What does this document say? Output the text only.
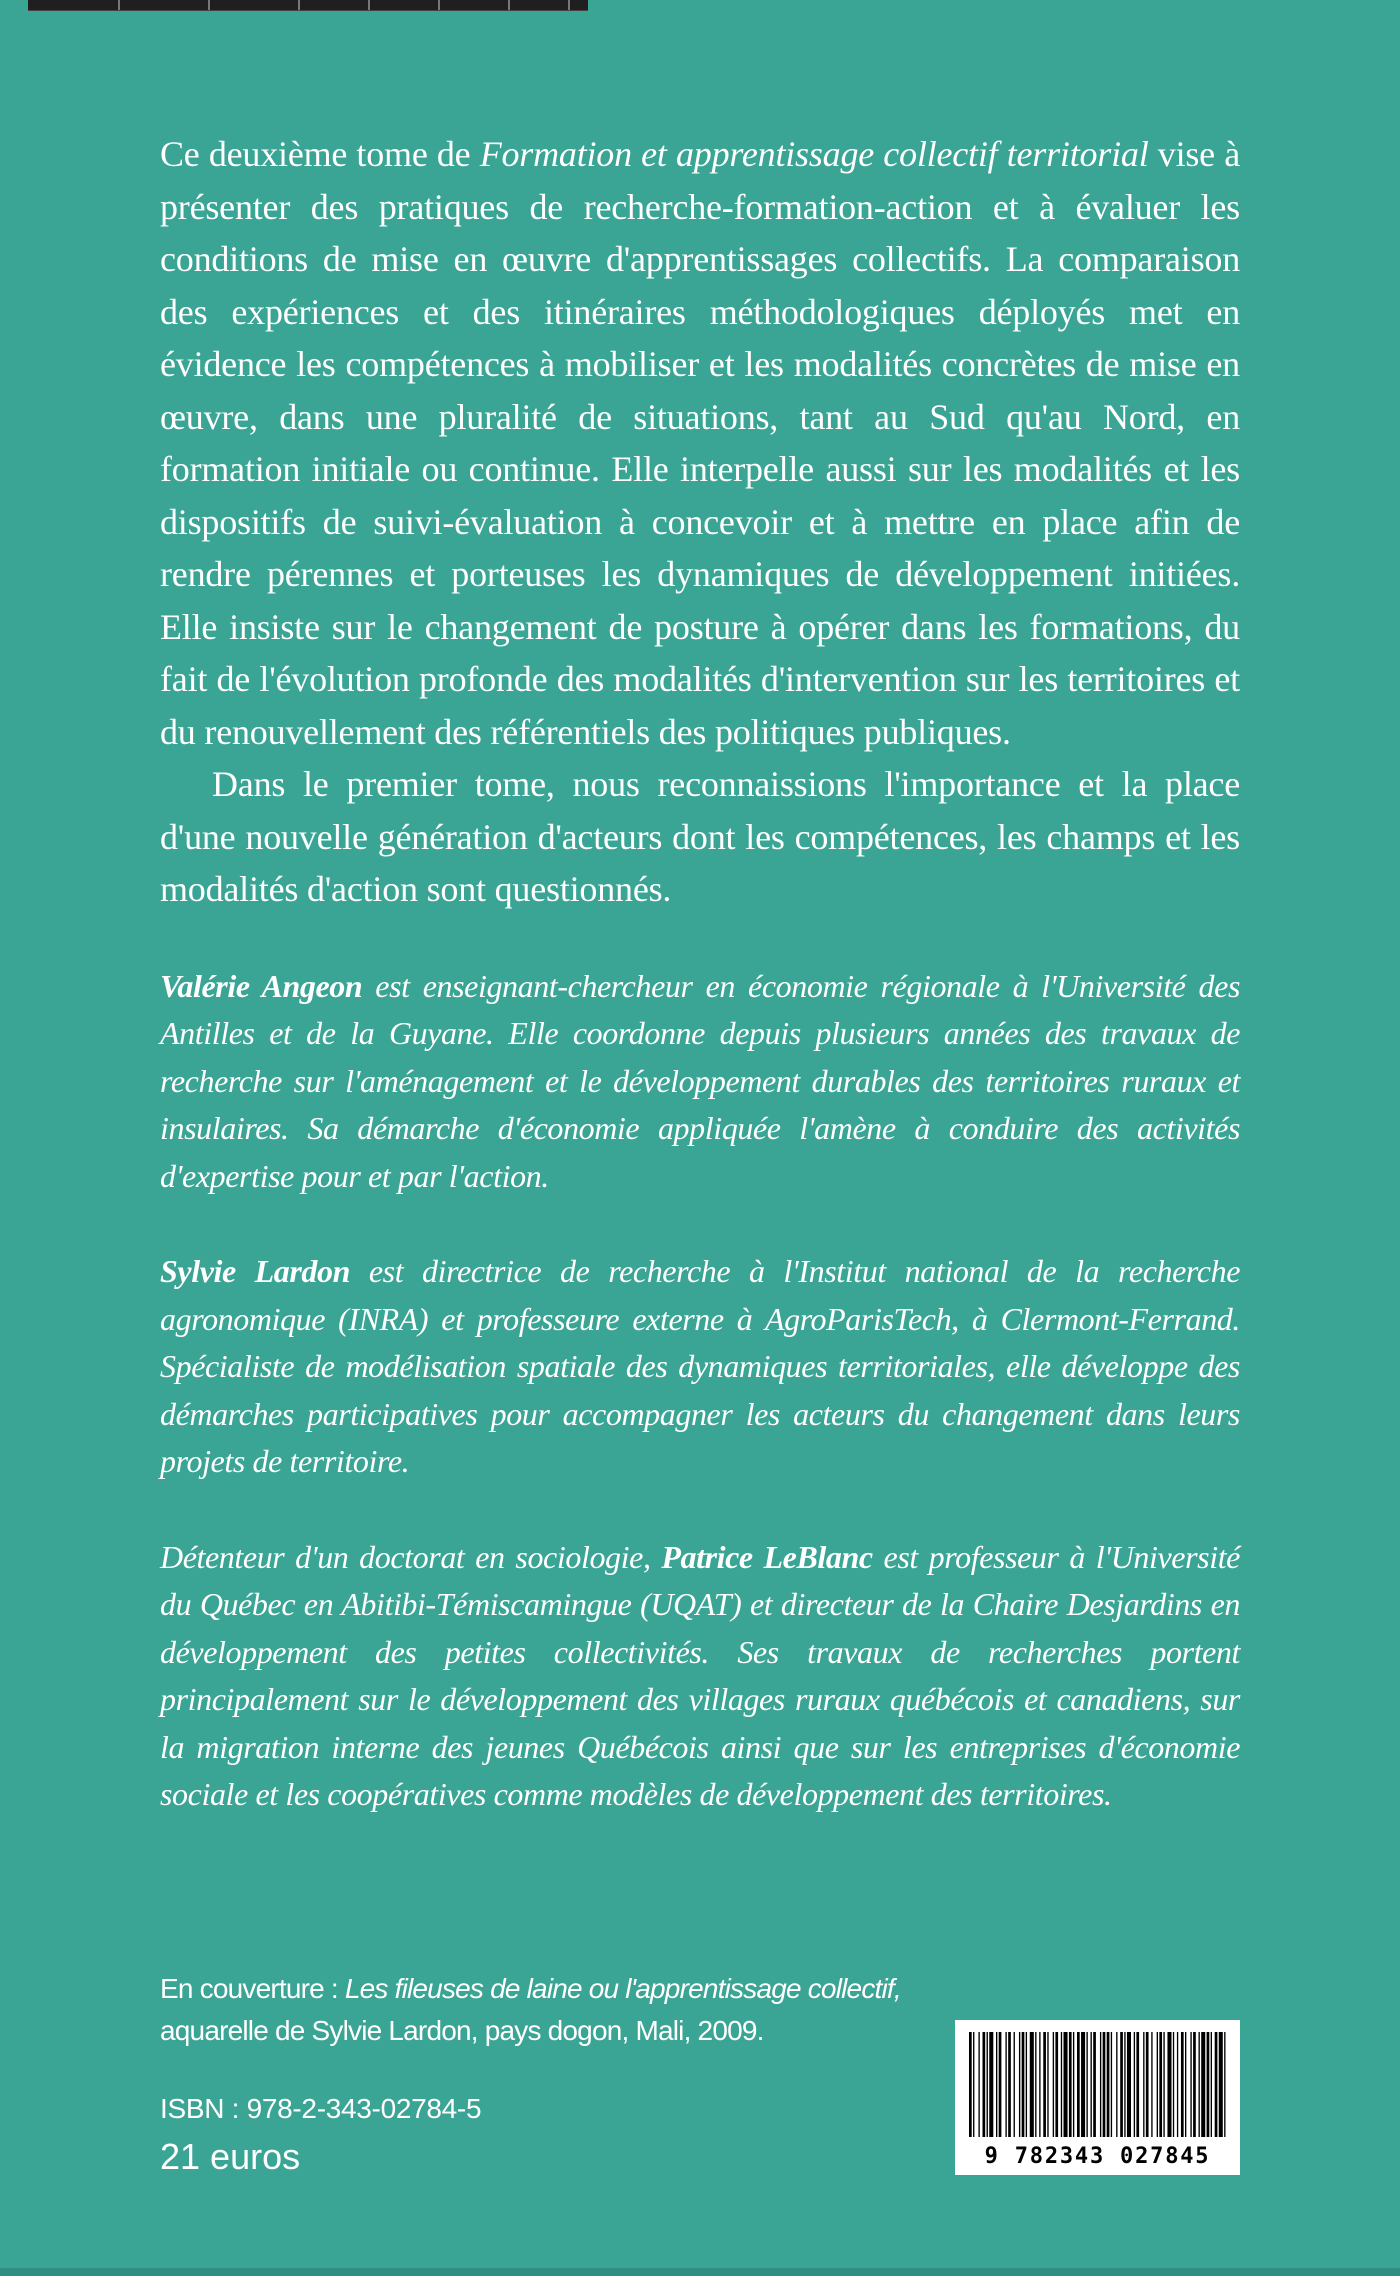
Ce deuxième tome de Formation et apprentissage collectif territorial vise à présenter des pratiques de recherche-formation-action et à évaluer les conditions de mise en œuvre d'apprentissages collectifs. La comparaison des expériences et des itinéraires méthodologiques déployés met en évidence les compétences à mobiliser et les modalités concrètes de mise en œuvre, dans une pluralité de situations, tant au Sud qu'au Nord, en formation initiale ou continue. Elle interpelle aussi sur les modalités et les dispositifs de suivi-évaluation à concevoir et à mettre en place afin de rendre pérennes et porteuses les dynamiques de développement initiées. Elle insiste sur le changement de posture à opérer dans les formations, du fait de l'évolution profonde des modalités d'intervention sur les territoires et du renouvellement des référentiels des politiques publiques.

Dans le premier tome, nous reconnaissions l'importance et la place d'une nouvelle génération d'acteurs dont les compétences, les champs et les modalités d'action sont questionnés.

Valérie Angeon est enseignant-chercheur en économie régionale à l'Université des Antilles et de la Guyane. Elle coordonne depuis plusieurs années des travaux de recherche sur l'aménagement et le développement durables des territoires ruraux et insulaires. Sa démarche d'économie appliquée l'amène à conduire des activités d'expertise pour et par l'action.

Sylvie Lardon est directrice de recherche à l'Institut national de la recherche agronomique (INRA) et professeure externe à AgroParisTech, à Clermont-Ferrand. Spécialiste de modélisation spatiale des dynamiques territoriales, elle développe des démarches participatives pour accompagner les acteurs du changement dans leurs projets de territoire.

Détenteur d'un doctorat en sociologie, Patrice LeBlanc est professeur à l'Université du Québec en Abitibi-Témiscamingue (UQAT) et directeur de la Chaire Desjardins en développement des petites collectivités. Ses travaux de recherches portent principalement sur le développement des villages ruraux québécois et canadiens, sur la migration interne des jeunes Québécois ainsi que sur les entreprises d'économie sociale et les coopératives comme modèles de développement des territoires.

En couverture : Les fileuses de laine ou l'apprentissage collectif,
aquarelle de Sylvie Lardon, pays dogon, Mali, 2009.
ISBN : 978-2-343-02784-5
21 euros	9 782343 027845
